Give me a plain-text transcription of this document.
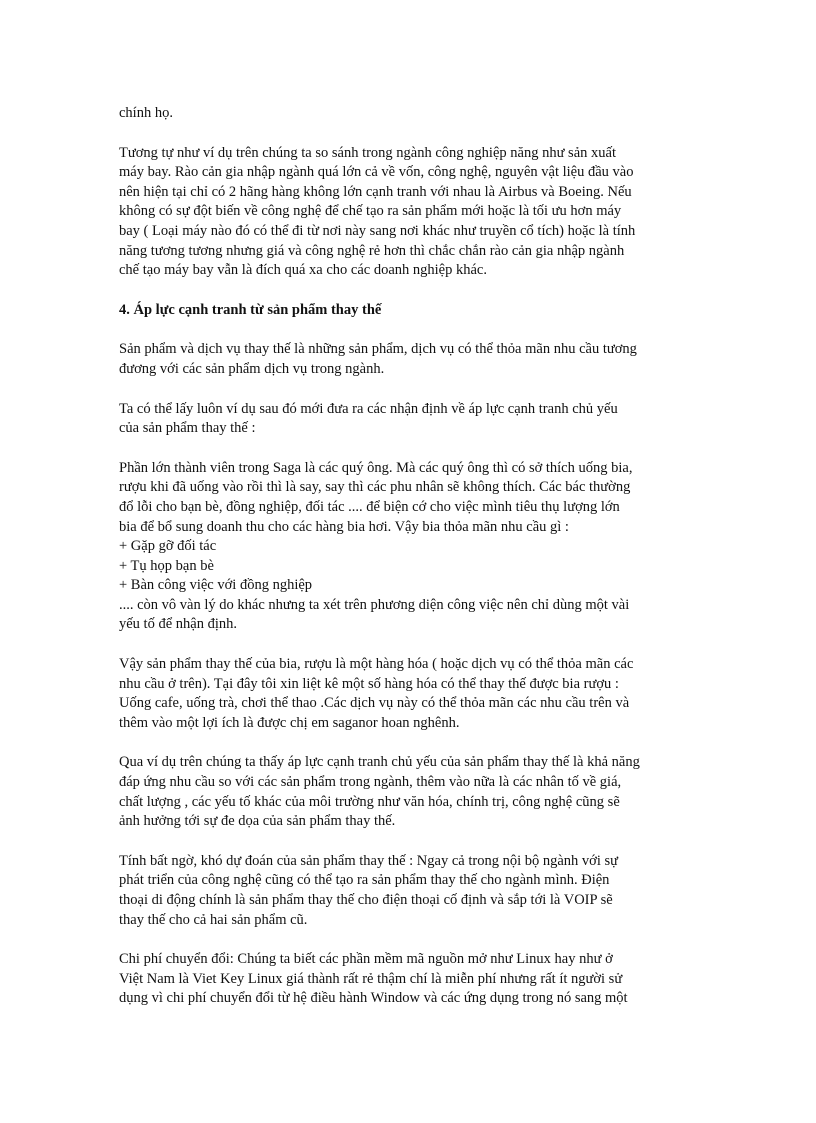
chính họ.
Tương tự như ví dụ trên chúng ta so sánh trong ngành công nghiệp năng như sản xuất
máy bay. Rào cản gia nhập ngành quá lớn cả về vốn, công nghệ, nguyên vật liệu đầu vào
nên hiện tại chỉ có 2 hãng hàng không lớn cạnh tranh với nhau là Airbus và Boeing. Nếu
không có sự đột biến về công nghệ để chế tạo ra sản phẩm mới hoặc là tối ưu hơn máy
bay ( Loại máy nào đó có thể đi từ nơi này sang nơi khác như truyền cổ tích) hoặc là tính
năng tương tương nhưng giá và công nghệ rẻ hơn thì chắc chắn rào cản gia nhập ngành
chế tạo máy bay vẫn là đích quá xa cho các doanh nghiệp khác.
4. Áp lực cạnh tranh từ sản phẩm thay thế
Sản phẩm và dịch vụ thay thế là những sản phẩm, dịch vụ có thể thỏa mãn nhu cầu tương
đương với các sản phẩm dịch vụ trong ngành.
Ta có thể lấy luôn ví dụ sau đó mới đưa ra các nhận định về áp lực cạnh tranh chủ yếu
của sản phẩm thay thế :
Phần lớn thành viên trong Saga là các quý ông. Mà các quý ông thì có sở thích uống bia,
rượu khi đã uống vào rồi thì là say, say thì các phu nhân sẽ không thích. Các bác thường
đổ lỗi cho bạn bè, đồng nghiệp, đối tác .... để biện cớ cho việc mình tiêu thụ lượng lớn
bia để bổ sung doanh thu cho các hàng bia hơi. Vậy bia thỏa mãn nhu cầu gì :
+ Gặp gỡ đối tác
+ Tụ họp bạn bè
+ Bàn công việc với đồng nghiệp
.... còn vô vàn lý do khác nhưng ta xét trên phương diện công việc nên chỉ dùng một vài
yếu tố để nhận định.
Vậy sản phẩm thay thế của bia, rượu là một hàng hóa ( hoặc dịch vụ có thể thỏa mãn các
nhu cầu ở trên). Tại đây tôi xin liệt kê một số hàng hóa có thể thay thế được bia rượu :
Uống cafe, uống trà, chơi thể thao .Các dịch vụ này có thể thỏa mãn các nhu cầu trên và
thêm vào một lợi ích là được chị em saganor hoan nghênh.
Qua ví dụ trên chúng ta thấy áp lực cạnh tranh chủ yếu của sản phẩm thay thế là khả năng
đáp ứng nhu cầu so với các sản phẩm trong ngành, thêm vào nữa là các nhân tố về giá,
chất lượng , các yếu tố khác của môi trường như văn hóa, chính trị, công nghệ cũng sẽ
ảnh hưởng tới sự đe dọa của sản phẩm thay thế.
Tính bất ngờ, khó dự đoán của sản phẩm thay thế : Ngay cả trong nội bộ ngành với sự
phát triển của công nghệ cũng có thể tạo ra sản phẩm thay thế cho ngành mình. Điện
thoại di động chính là sản phẩm thay thế cho điện thoại cố định và sắp tới là VOIP sẽ
thay thế cho cả hai sản phẩm cũ.
Chi phí chuyển đổi: Chúng ta biết các phần mềm mã nguồn mở như Linux hay như ở
Việt Nam là Viet Key Linux giá thành rất rẻ thậm chí là miễn phí nhưng rất ít người sử
dụng vì chi phí chuyển đổi từ hệ điều hành Window và các ứng dụng trong nó sang một
